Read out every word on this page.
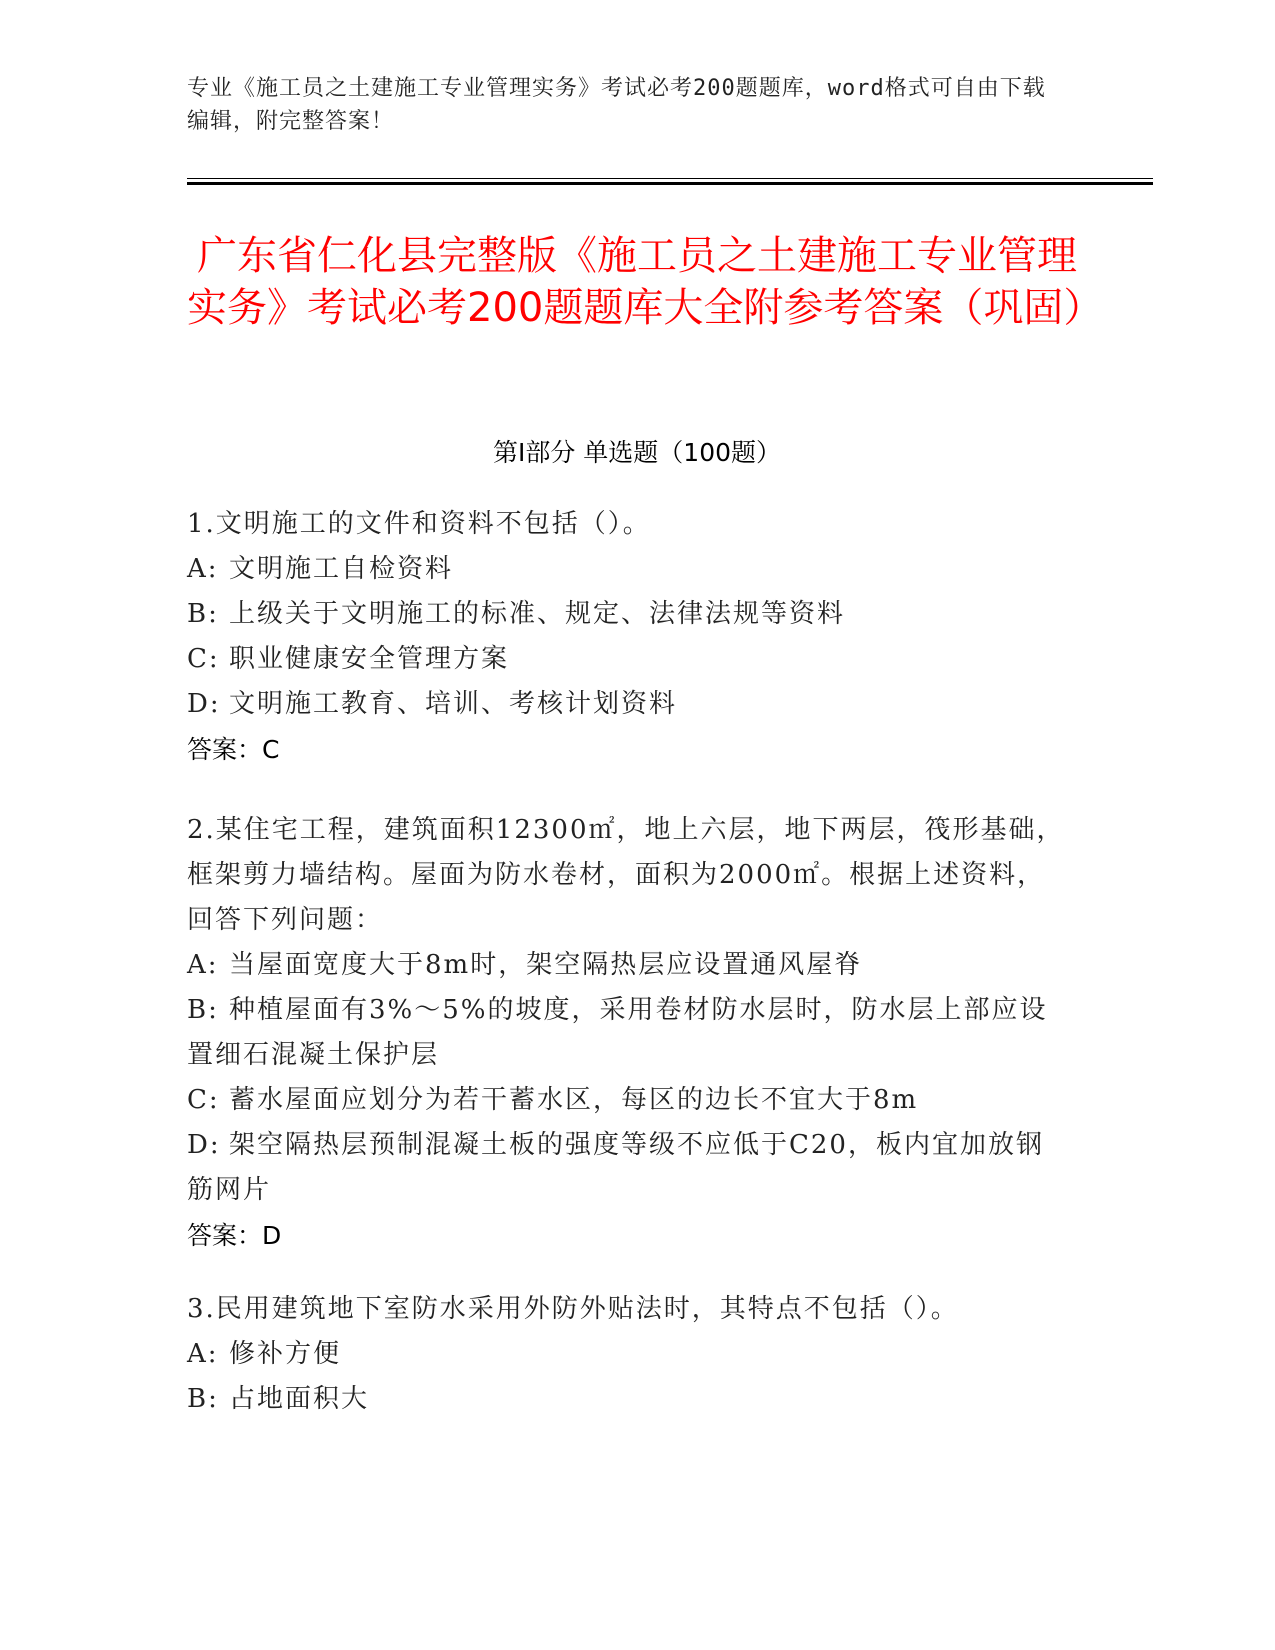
专业《施工员之土建施工专业管理实务》考试必考200题题库，word格式可自由下载编辑，附完整答案！
广东省仁化县完整版《施工员之土建施工专业管理实务》考试必考200题题库大全附参考答案（巩固）
第Ⅰ部分 单选题（100题）
1.文明施工的文件和资料不包括（）。
A: 文明施工自检资料
B: 上级关于文明施工的标准、规定、法律法规等资料
C: 职业健康安全管理方案
D: 文明施工教育、培训、考核计划资料
答案：C
2.某住宅工程，建筑面积12300㎡，地上六层，地下两层，筏形基础，框架剪力墙结构。屋面为防水卷材，面积为2000㎡。根据上述资料，回答下列问题：
A: 当屋面宽度大于8m时，架空隔热层应设置通风屋脊
B: 种植屋面有3%～5%的坡度，采用卷材防水层时，防水层上部应设置细石混凝土保护层
C: 蓄水屋面应划分为若干蓄水区，每区的边长不宜大于8m
D: 架空隔热层预制混凝土板的强度等级不应低于C20，板内宜加放钢筋网片
答案：D
3.民用建筑地下室防水采用外防外贴法时，其特点不包括（）。
A: 修补方便
B: 占地面积大
